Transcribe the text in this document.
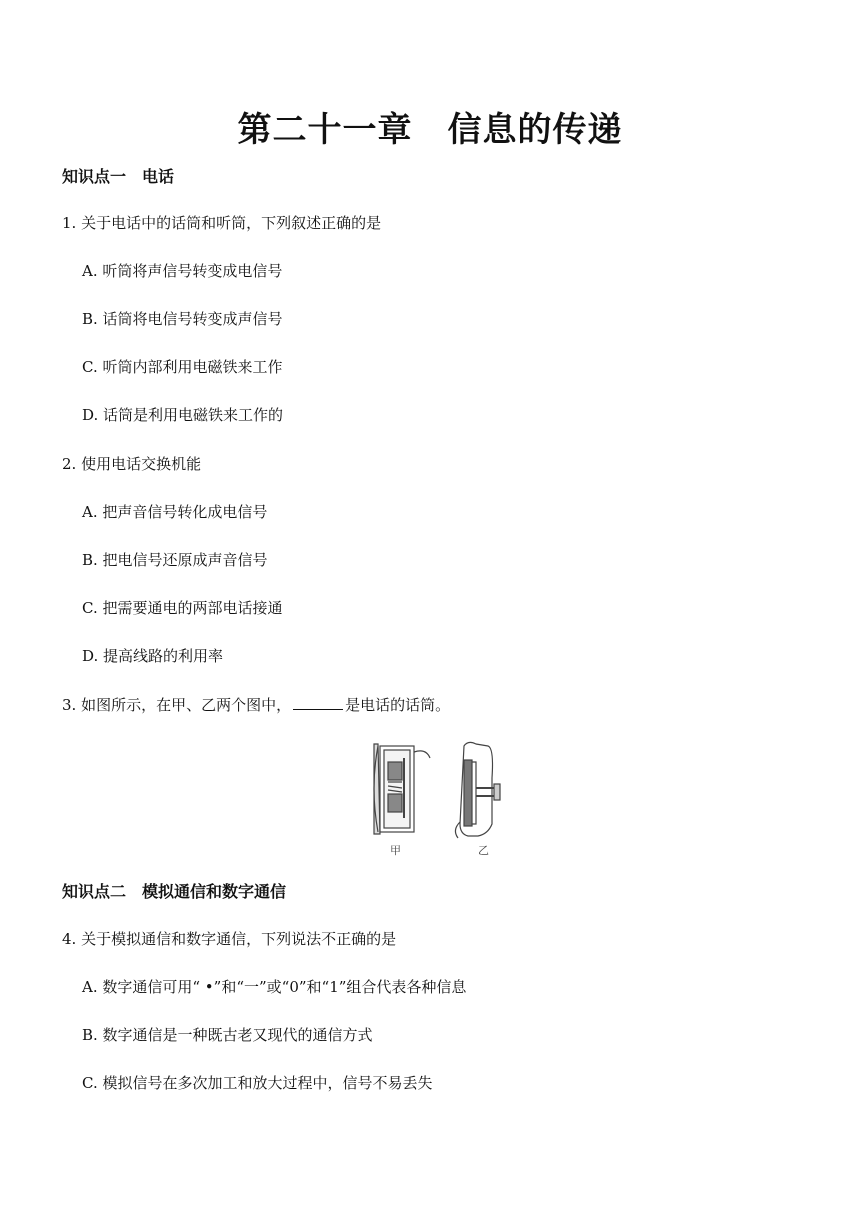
第二十一章　信息的传递
知识点一　电话
1. 关于电话中的话筒和听筒，下列叙述正确的是
A. 听筒将声信号转变成电信号
B. 话筒将电信号转变成声信号
C. 听筒内部利用电磁铁来工作
D. 话筒是利用电磁铁来工作的
2. 使用电话交换机能
A. 把声音信号转化成电信号
B. 把电信号还原成声音信号
C. 把需要通电的两部电话接通
D. 提高线路的利用率
3. 如图所示，在甲、乙两个图中，	是电话的话筒。
甲	乙
知识点二　模拟通信和数字通信
4. 关于模拟通信和数字通信，下列说法不正确的是
A. 数字通信可用“ •”和“一”或“0”和“1”组合代表各种信息
B. 数字通信是一种既古老又现代的通信方式
C. 模拟信号在多次加工和放大过程中，信号不易丢失
